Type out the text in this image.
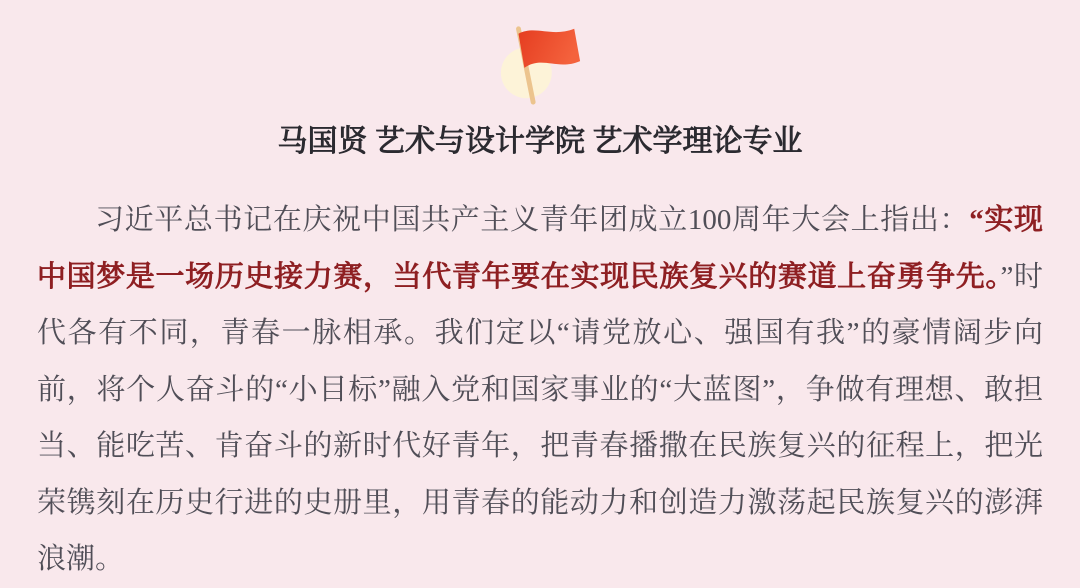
马国贤 艺术与设计学院 艺术学理论专业

习近平总书记在庆祝中国共产主义青年团成立100周年大会上指出：“实现中国梦是一场历史接力赛，当代青年要在实现民族复兴的赛道上奋勇争先。”时代各有不同，青春一脉相承。我们定以“请党放心、强国有我”的豪情阔步向前，将个人奋斗的“小目标”融入党和国家事业的“大蓝图”，争做有理想、敢担当、能吃苦、肯奋斗的新时代好青年，把青春播撒在民族复兴的征程上，把光荣镌刻在历史行进的史册里，用青春的能动力和创造力激荡起民族复兴的澎湃浪潮。
